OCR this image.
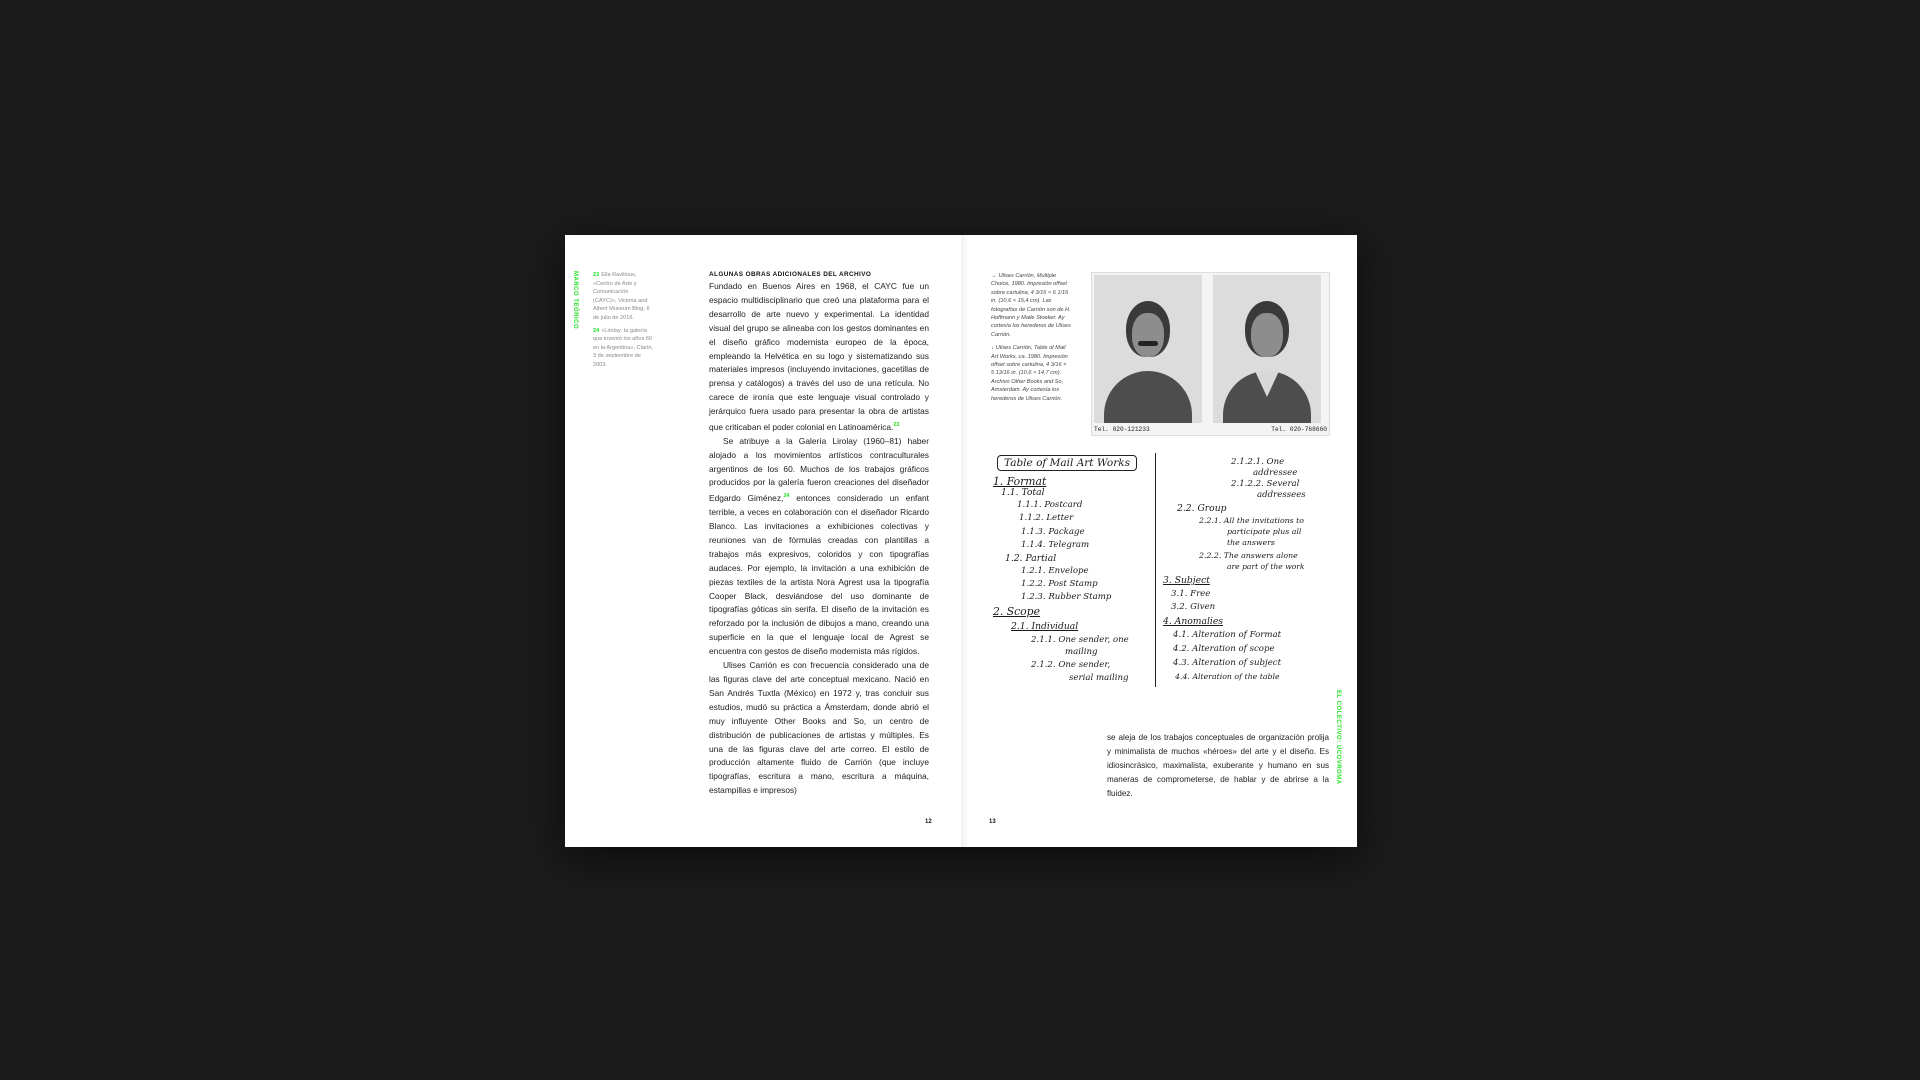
MARCO TEÓRICO	23 Ella Ravilious, «Centro de Arte y Comunicación (CAYC)», Victoria and Albert Museum Blog, 6 de julio de 2016.

24 «Lirolay: la galería que inventó los años 60 en la Argentina», Clarín, 3 de septiembre de 2003.

ALGUNAS OBRAS ADICIONALES DEL ARCHIVO

Fundado en Buenos Aires en 1968, el CAYC fue un espacio multidisciplinario que creó una plataforma para el desarrollo de arte nuevo y experimental. La identidad visual del grupo se alineaba con los gestos dominantes en el diseño gráfico modernista europeo de la época, empleando la Helvética en su logo y sistematizando sus materiales impresos (incluyendo invitaciones, gacetillas de prensa y catálogos) a través del uso de una retícula. No carece de ironía que este lenguaje visual controlado y jerárquico fuera usado para presentar la obra de artistas que criticaban el poder colonial en Latinoamérica.$^{23}$

Se atribuye a la Galería Lirolay (1960–81) haber alojado a los movimientos artísticos contraculturales argentinos de los 60. Muchos de los trabajos gráficos producidos por la galería fueron creaciones del diseñador Edgardo Giménez,$^{24}$ entonces considerado un enfant terrible, a veces en colaboración con el diseñador Ricardo Blanco. Las invitaciones a exhibiciones colectivas y reuniones van de fórmulas creadas con plantillas a trabajos más expresivos, coloridos y con tipografías audaces. Por ejemplo, la invitación a una exhibición de piezas textiles de la artista Nora Agrest usa la tipografía Cooper Black, desviándose del uso dominante de tipografías góticas sin serifa. El diseño de la invitación es reforzado por la inclusión de dibujos a mano, creando una superficie en la que el lenguaje local de Agrest se encuentra con gestos de diseño modernista más rígidos.

Ulises Carrión es con frecuencia considerado una de las figuras clave del arte conceptual mexicano. Nació en San Andrés Tuxtla (México) en 1972 y, tras concluir sus estudios, mudó su práctica a Ámsterdam, donde abrió el muy influyente Other Books and So, un centro de distribución de publicaciones de artistas y múltiples. Es una de las figuras clave del arte correo. El estilo de producción altamente fluido de Carrión (que incluye tipografías, escritura a mano, escritura a máquina, estampillas e impresos)

12

→ Ulises Carrión, Multiple Choice, 1980. Impresión offset sobre cartulina, 4 3/16 × 6 1/16 in. (10,6 × 15,4 cm). Las fotografías de Carrión son de H. Hoffmann y Maile Stoeker. Ay cortesía los herederos de Ulises Carrión.

↓ Ulises Carrión, Table of Mail Art Works, ca. 1980. Impresión offset sobre cartulina, 4 3/16 × 5 13/16 in. (10,6 × 14,7 cm). Archivo Other Books and So, Amsterdam. Ay cortesía los herederos de Ulises Carrión.

Tel. 020-121233	Tel. 020-768660
Table of Mail Art Works
1. Format
1.1. Total
1.1.1. Postcard
1.1.2. Letter
1.1.3. Package
1.1.4. Telegram
1.2. Partial
1.2.1. Envelope
1.2.2. Post Stamp
1.2.3. Rubber Stamp
2. Scope
2.1. Individual
2.1.1. One sender, one
mailing
2.1.2. One sender,
serial mailing
2.1.2.1. One
addressee
2.1.2.2. Several
addressees
2.2. Group
2.2.1. All the invitations to
participate plus all
the answers
2.2.2. The answers alone
are part of the work
3. Subject
3.1. Free
3.2. Given
4. Anomalies
4.1. Alteration of Format
4.2. Alteration of scope
4.3. Alteration of subject
4.4. Alteration of the table

se aleja de los trabajos conceptuales de organización prolija y minimalista de muchos «héroes» del arte y el diseño. Es idiosincrásico, maximalista, exuberante y humano en sus maneras de comprometerse, de hablar y de abrirse a la fluidez.

EL COLECTIVO: ÚCOVROMA
13
